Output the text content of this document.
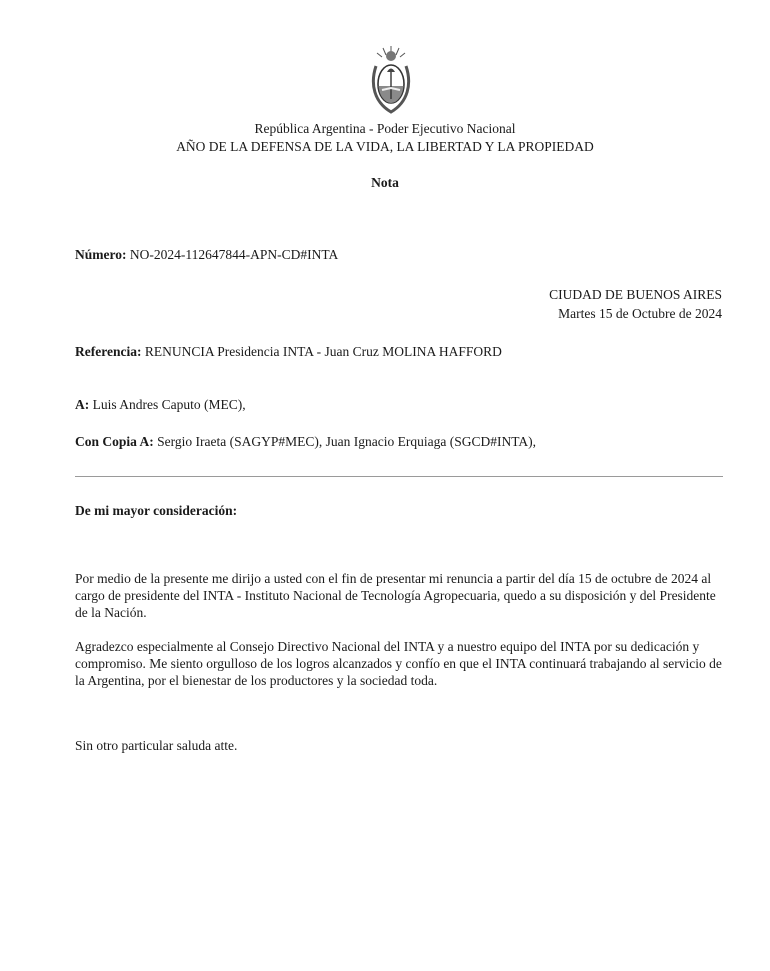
República Argentina - Poder Ejecutivo Nacional
AÑO DE LA DEFENSA DE LA VIDA, LA LIBERTAD Y LA PROPIEDAD
Nota
Número: NO-2024-112647844-APN-CD#INTA
CIUDAD DE BUENOS AIRES
Martes 15 de Octubre de 2024
Referencia: RENUNCIA Presidencia INTA - Juan Cruz MOLINA HAFFORD
A: Luis Andres Caputo (MEC),
Con Copia A: Sergio Iraeta (SAGYP#MEC), Juan Ignacio Erquiaga (SGCD#INTA),
De mi mayor consideración:
Por medio de la presente me dirijo a usted con el fin de presentar mi renuncia a partir del día 15 de octubre de 2024 al cargo de presidente del INTA - Instituto Nacional de Tecnología Agropecuaria, quedo a su disposición y del Presidente de la Nación.
Agradezco especialmente al Consejo Directivo Nacional del INTA y a nuestro equipo del INTA por su dedicación y compromiso. Me siento orgulloso de los logros alcanzados y confío en que el INTA continuará trabajando al servicio de la Argentina, por el bienestar de los productores y la sociedad toda.
Sin otro particular saluda atte.
